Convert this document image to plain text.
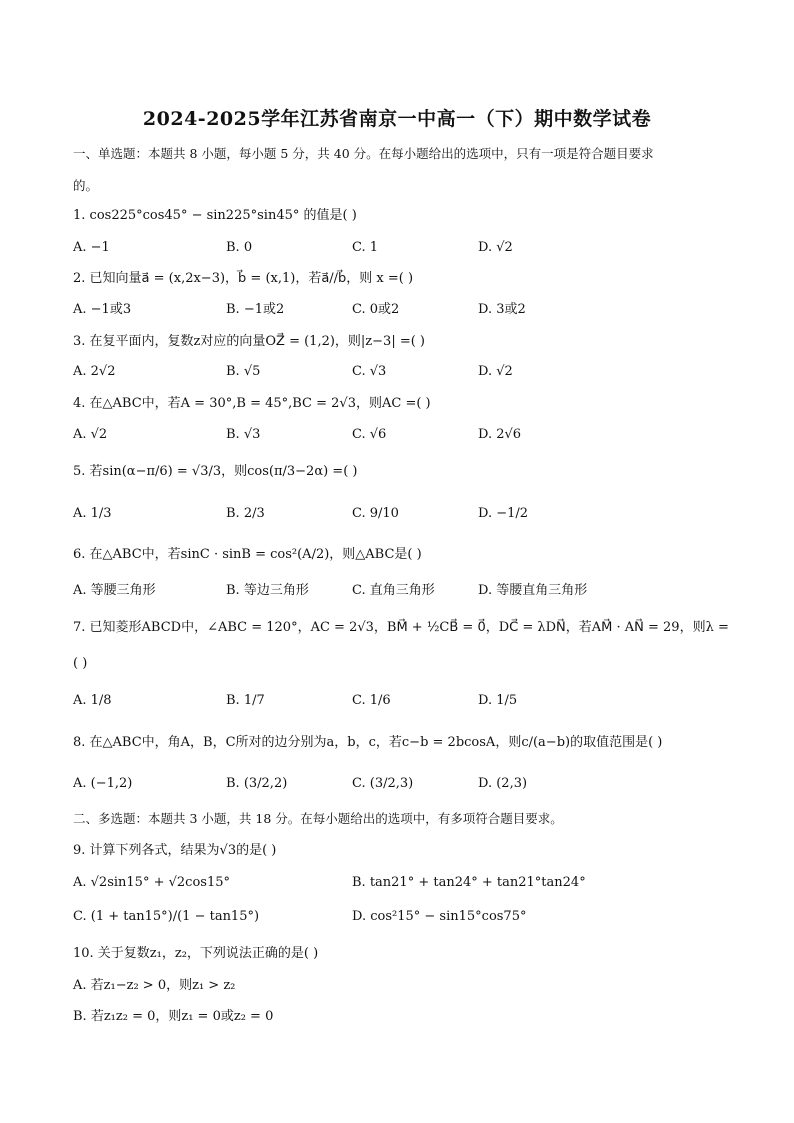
2024-2025学年江苏省南京一中高一（下）期中数学试卷
一、单选题：本题共 8 小题，每小题 5 分，共 40 分。在每小题给出的选项中，只有一项是符合题目要求
的。
1. cos225°cos45° − sin225°sin45° 的值是( )
A. −1	B. 0	C. 1	D. √2
2. 已知向量a⃗ = (x,2x−3)，b⃗ = (x,1)，若a⃗//b⃗，则 x =( )
A. −1或3	B. −1或2	C. 0或2	D. 3或2
3. 在复平面内，复数z对应的向量OZ⃗ = (1,2)，则|z−3| =( )
A. 2√2	B. √5	C. √3	D. √2
4. 在△ABC中，若A = 30°,B = 45°,BC = 2√3，则AC =( )
A. √2	B. √3	C. √6	D. 2√6
5. 若sin(α−π/6) = √3/3，则cos(π/3−2α) =( )
A. 1/3	B. 2/3	C. 9/10	D. −1/2
6. 在△ABC中，若sinC · sinB = cos²(A/2)，则△ABC是( )
A. 等腰三角形	B. 等边三角形	C. 直角三角形	D. 等腰直角三角形
7. 已知菱形ABCD中，∠ABC = 120°，AC = 2√3，BM⃗ + ½CB⃗ = 0⃗，DC⃗ = λDN⃗，若AM⃗ · AN⃗ = 29，则λ =
( )
A. 1/8	B. 1/7	C. 1/6	D. 1/5
8. 在△ABC中，角A，B，C所对的边分别为a，b，c，若c−b = 2bcosA，则c/(a−b)的取值范围是( )
A. (−1,2)	B. (3/2,2)	C. (3/2,3)	D. (2,3)
二、多选题：本题共 3 小题，共 18 分。在每小题给出的选项中，有多项符合题目要求。
9. 计算下列各式，结果为√3的是( )
A. √2sin15° + √2cos15°	B. tan21° + tan24° + tan21°tan24°
C. (1 + tan15°)/(1 − tan15°)	D. cos²15° − sin15°cos75°
10. 关于复数z₁，z₂，下列说法正确的是( )
A. 若z₁−z₂ > 0，则z₁ > z₂
B. 若z₁z₂ = 0，则z₁ = 0或z₂ = 0
